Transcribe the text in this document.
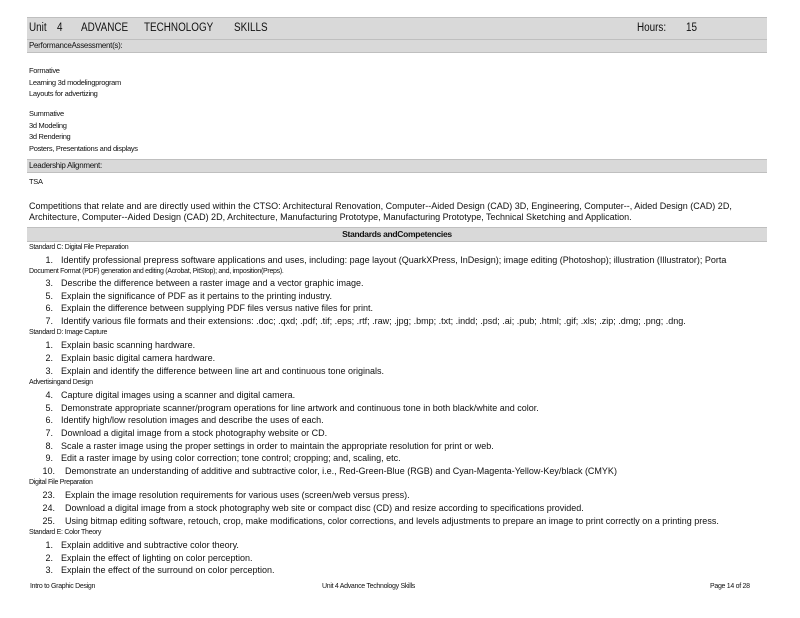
Unit 4 ADVANCE TECHNOLOGY SKILLS	Hours: 15
PerformanceAssessment(s):
Formative
Learning 3d modelingprogram
Layouts for advertizing
Summative
3d Modeling
3d Rendering
Posters, Presentations and displays
Leadership Alignment:
TSA
Competitions that relate and are directly used within the CTSO: Architectural Renovation, Computer--Aided Design (CAD) 3D, Engineering, Computer--, Aided Design (CAD) 2D, Architecture, Computer--Aided Design (CAD) 2D, Architecture, Manufacturing Prototype, Manufacturing Prototype, Technical Sketching and Application.
Standards andCompetencies
Standard C: Digital File Preparation
1. Identify professional prepress software applications and uses, including: page layout (QuarkXPress, InDesign); image editing (Photoshop); illustration (Illustrator); Porta
Document Format (PDF) generation and editing (Acrobat, PitStop); and, imposition(Preps).
3. Describe the difference between a raster image and a vector graphic image.
5. Explain the significance of PDF as it pertains to the printing industry.
6. Explain the difference between supplying PDF files versus native files for print.
7. Identify various file formats and their extensions: .doc; .qxd; .pdf; .tif; .eps; .rtf; .raw; .jpg; .bmp; .txt; .indd; .psd; .ai; .pub; .html; .gif; .xls; .zip; .dmg; .png; .dng.
Standard D: Image Capture
1. Explain basic scanning hardware.
2. Explain basic digital camera hardware.
3. Explain and identify the difference between line art and continuous tone originals.
Advertisingand Design
4. Capture digital images using a scanner and digital camera.
5. Demonstrate appropriate scanner/program operations for line artwork and continuous tone in both black/white and color.
6. Identify high/low resolution images and describe the uses of each.
7. Download a digital image from a stock photography website or CD.
8. Scale a raster image using the proper settings in order to maintain the appropriate resolution for print or web.
9. Edit a raster image by using color correction; tone control; cropping; and, scaling, etc.
10. Demonstrate an understanding of additive and subtractive color, i.e., Red-Green-Blue (RGB) and Cyan-Magenta-Yellow-Key/black (CMYK)
Digital File Preparation
23. Explain the image resolution requirements for various uses (screen/web versus press).
24. Download a digital image from a stock photography web site or compact disc (CD) and resize according to specifications provided.
25. Using bitmap editing software, retouch, crop, make modifications, color corrections, and levels adjustments to prepare an image to print correctly on a printing press.
Standard E: Color Theory
1. Explain additive and subtractive color theory.
2. Explain the effect of lighting on color perception.
3. Explain the effect of the surround on color perception.
Intro to Graphic Design	Unit 4 Advance Technology Skills	Page 14 of 28
